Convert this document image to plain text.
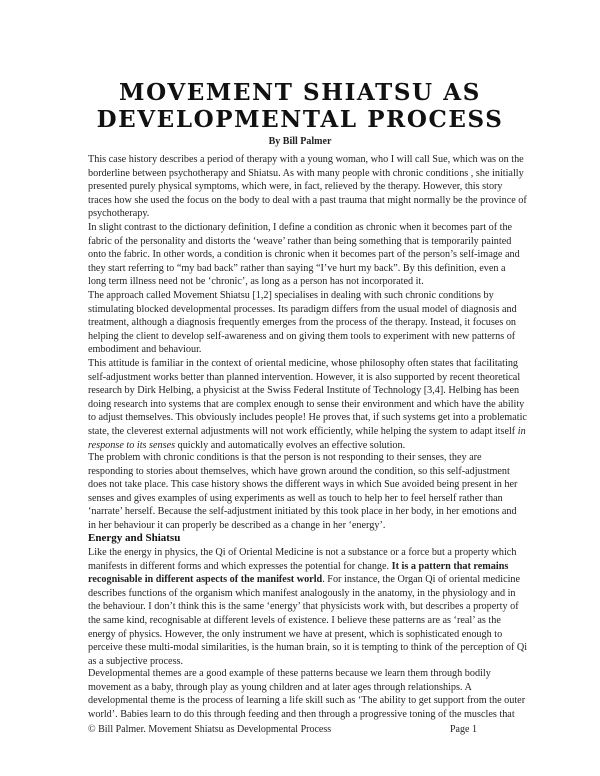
MOVEMENT SHIATSU AS
DEVELOPMENTAL PROCESS
By Bill Palmer
This case history describes a period of therapy with a young woman, who I will call Sue, which was on the
borderline between psychotherapy and Shiatsu. As with many people with chronic conditions , she initially
presented purely physical symptoms, which were, in fact, relieved by the therapy. However, this story
traces how she used the focus on the body to deal with a past trauma that might normally be the province of
psychotherapy.
In slight contrast to the dictionary definition, I define a condition as chronic when it becomes part of the
fabric of the personality and distorts the ‘weave’ rather than being something that is temporarily painted
onto the fabric. In other words, a condition is chronic when it becomes part of the person’s self-image and
they start referring to “my bad back” rather than saying “I’ve hurt my back”. By this definition, even a
long term illness need not be ‘chronic’, as long as a person has not incorporated it.
The approach called Movement Shiatsu [1,2] specialises in dealing with such chronic conditions by
stimulating blocked developmental processes. Its paradigm differs from the usual model of diagnosis and
treatment, although a diagnosis frequently emerges from the process of the therapy. Instead, it focuses on
helping the client to develop self-awareness and on giving them tools to experiment with new patterns of
embodiment and behaviour.
This attitude is familiar in the context of oriental medicine, whose philosophy often states that facilitating
self-adjustment works better than planned intervention. However, it is also supported by recent theoretical
research by Dirk Helbing, a physicist at the Swiss Federal Institute of Technology [3,4]. Helbing has been
doing research into systems that are complex enough to sense their environment and which have the ability
to adjust themselves. This obviously includes people! He proves that, if such systems get into a problematic
state, the cleverest external adjustments will not work efficiently, while helping the system to adapt itself in
response to its senses quickly and automatically evolves an effective solution.
The problem with chronic conditions is that the person is not responding to their senses, they are
responding to stories about themselves, which have grown around the condition, so this self-adjustment
does not take place. This case history shows the different ways in which Sue avoided being present in her
senses and gives examples of using experiments as well as touch to help her to feel herself rather than
‘narrate’ herself. Because the self-adjustment initiated by this took place in her body, in her emotions and
in her behaviour it can properly be described as a change in her ‘energy’.
Energy and Shiatsu
Like the energy in physics, the Qi of Oriental Medicine is not a substance or a force but a property which
manifests in different forms and which expresses the potential for change. It is a pattern that remains
recognisable in different aspects of the manifest world. For instance, the Organ Qi of oriental medicine
describes functions of the organism which manifest analogously in the anatomy, in the physiology and in
the behaviour. I don’t think this is the same ‘energy’ that physicists work with, but describes a property of
the same kind, recognisable at different levels of existence. I believe these patterns are as ‘real’ as the
energy of physics. However, the only instrument we have at present, which is sophisticated enough to
perceive these multi-modal similarities, is the human brain, so it is tempting to think of the perception of Qi
as a subjective process.
Developmental themes are a good example of these patterns because we learn them through bodily
movement as a baby, through play as young children and at later ages through relationships. A
developmental theme is the process of learning a life skill such as ‘The ability to get support from the outer
world’. Babies learn to do this through feeding and then through a progressive toning of the muscles that
© Bill Palmer. Movement Shiatsu as Developmental Process	Page 1
